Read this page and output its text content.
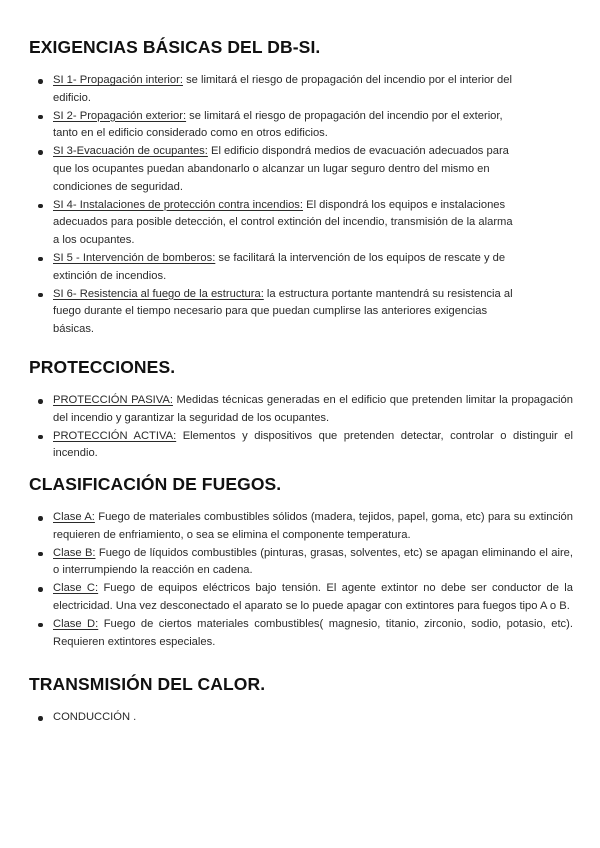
EXIGENCIAS BÁSICAS DEL DB-SI.
SI 1- Propagación interior: se limitará el riesgo de propagación del incendio por el interior del edificio.
SI 2- Propagación exterior: se limitará el riesgo de propagación del incendio por el exterior, tanto en el edificio considerado como en otros edificios.
SI 3-Evacuación de ocupantes: El edificio dispondrá medios de evacuación adecuados para que los ocupantes puedan abandonarlo o alcanzar un lugar seguro dentro del mismo en condiciones de seguridad.
SI 4- Instalaciones de protección contra incendios: El dispondrá los equipos e instalaciones adecuados para posible detección, el control extinción del incendio, transmisión de la alarma a los ocupantes.
SI 5 - Intervención de bomberos: se facilitará la intervención de los equipos de rescate y de extinción de incendios.
SI 6- Resistencia al fuego de la estructura: la estructura portante mantendrá su resistencia al fuego durante el tiempo necesario para que puedan cumplirse las anteriores exigencias básicas.
PROTECCIONES.
PROTECCIÓN PASIVA: Medidas técnicas generadas en el edificio que pretenden limitar la propagación del incendio y garantizar la seguridad de los ocupantes.
PROTECCIÓN ACTIVA: Elementos y dispositivos que pretenden detectar, controlar o distinguir el incendio.
CLASIFICACIÓN DE FUEGOS.
Clase A: Fuego de materiales combustibles sólidos (madera, tejidos, papel, goma, etc) para su extinción requieren de enfriamiento, o sea se elimina el componente temperatura.
Clase B: Fuego de líquidos combustibles (pinturas, grasas, solventes, etc) se apagan eliminando el aire, o interrumpiendo la reacción en cadena.
Clase C: Fuego de equipos eléctricos bajo tensión. El agente extintor no debe ser conductor de la electricidad. Una vez desconectado el aparato se lo puede apagar con extintores para fuegos tipo A o B.
Clase D: Fuego de ciertos materiales combustibles( magnesio, titanio, zirconio, sodio, potasio, etc). Requieren extintores especiales.
TRANSMISIÓN DEL CALOR.
CONDUCCIÓN .
